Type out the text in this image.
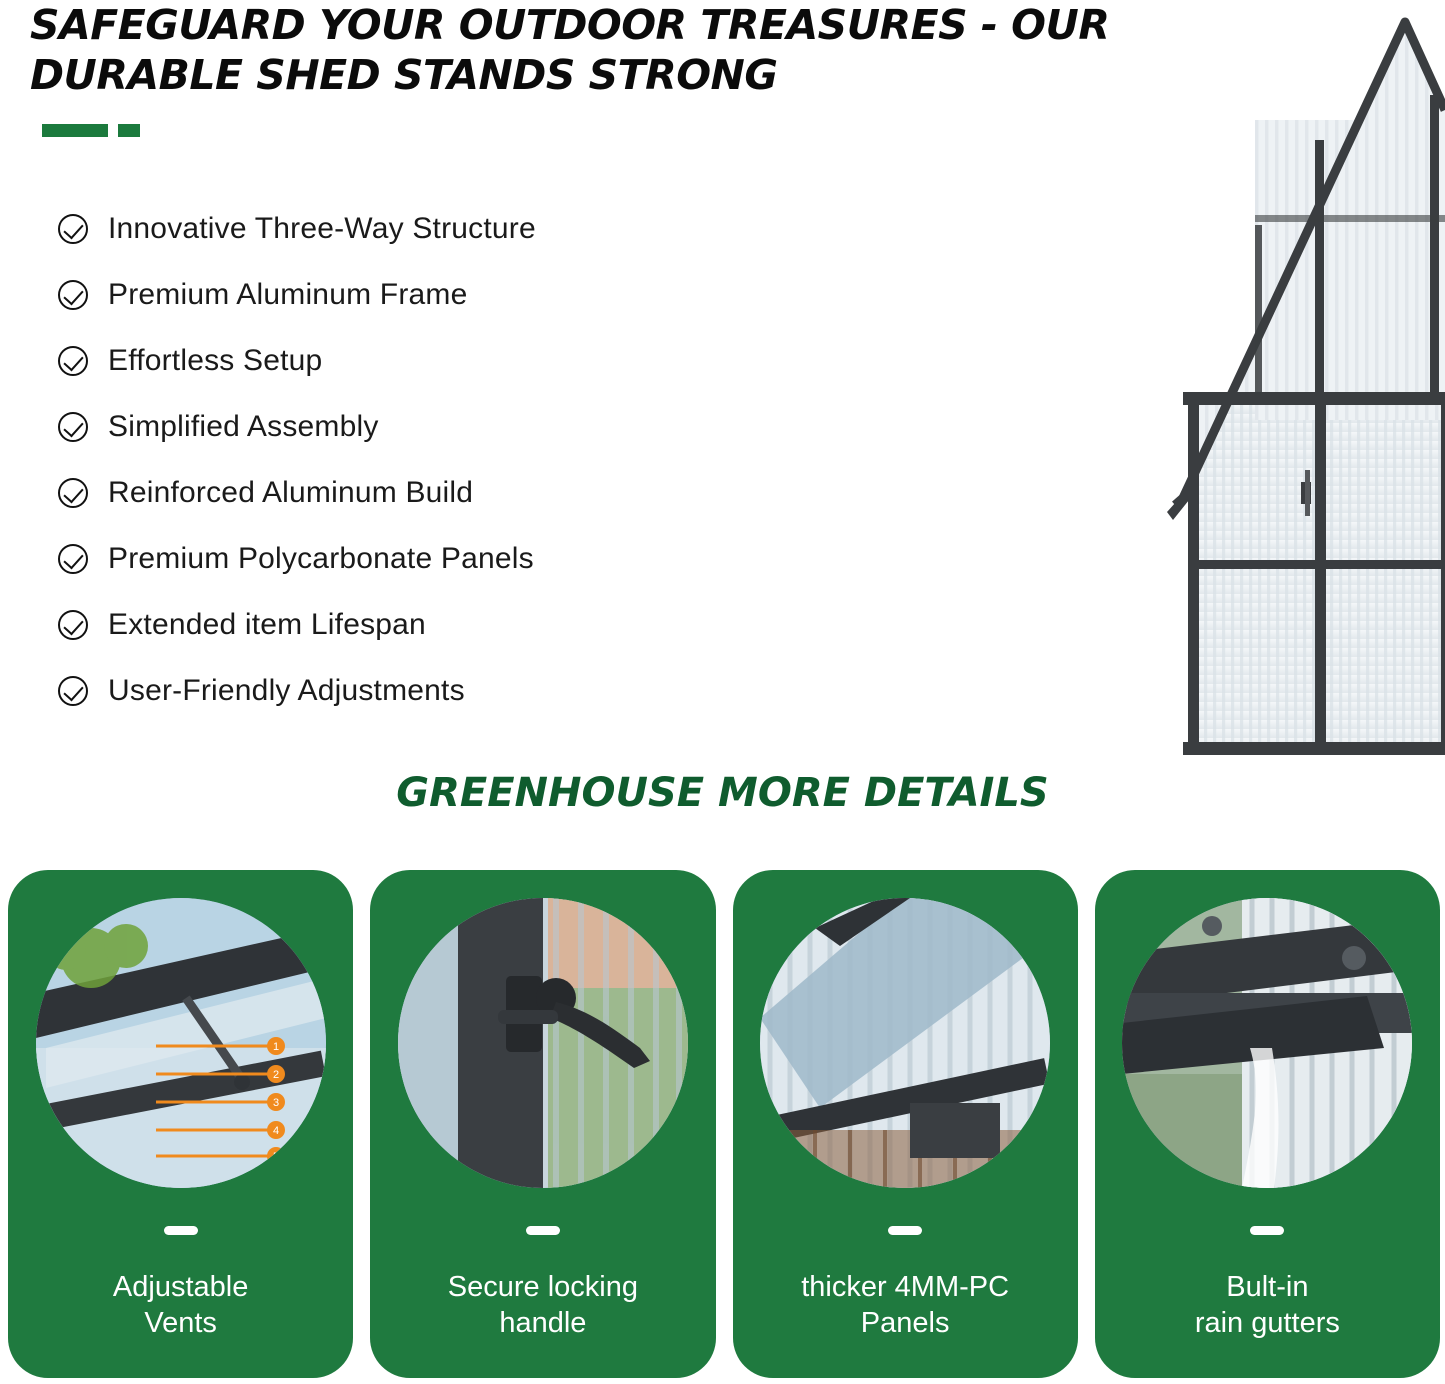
SAFEGUARD YOUR OUTDOOR TREASURES - OUR DURABLE SHED STANDS STRONG
Innovative Three-Way Structure
Premium Aluminum Frame
Effortless Setup
Simplified Assembly
Reinforced Aluminum Build
Premium Polycarbonate Panels
Extended item Lifespan
User-Friendly Adjustments
GREENHOUSE MORE DETAILS
1
2
3
4
5
Adjustable
Vents
Secure locking
handle
thicker 4MM-PC
Panels
Bult-in
rain gutters
